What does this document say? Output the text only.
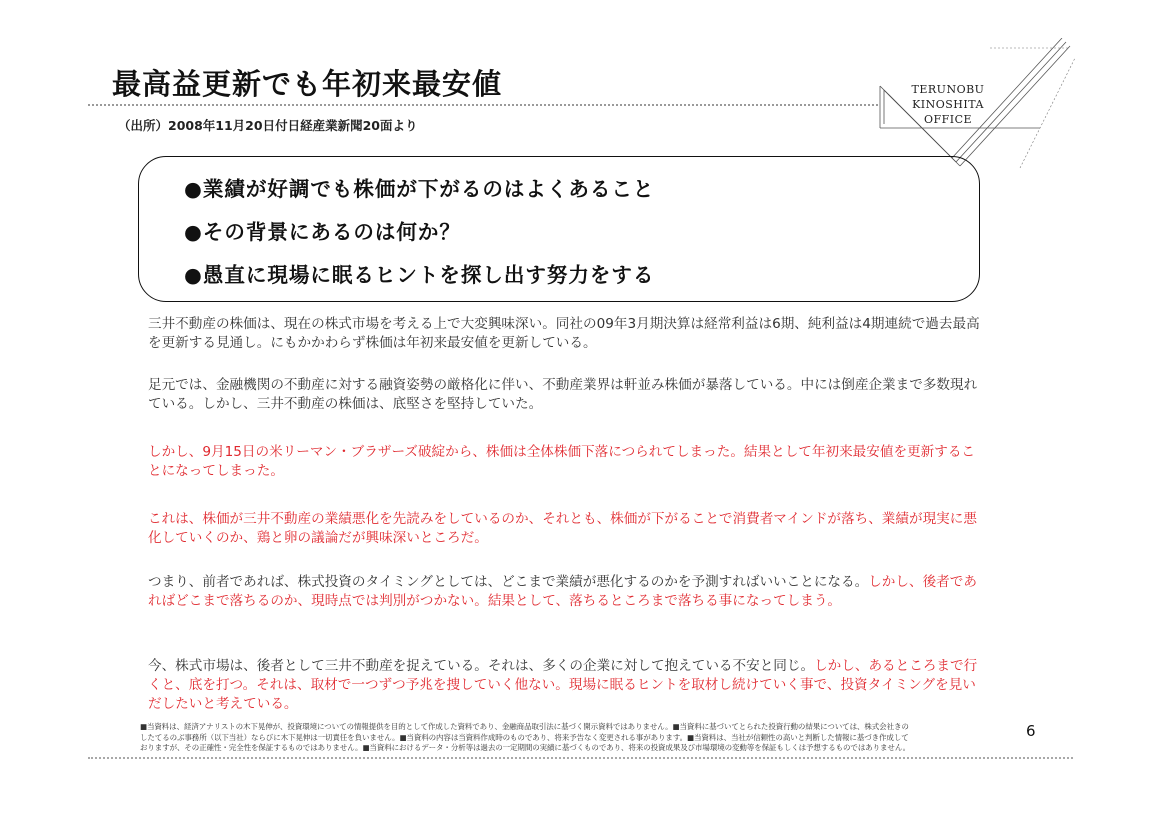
最高益更新でも年初来最安値
（出所）2008年11月20日付日経産業新聞20面より
TERUNOBU
KINOSHITA
OFFICE
●業績が好調でも株価が下がるのはよくあること
●その背景にあるのは何か？
●愚直に現場に眠るヒントを探し出す努力をする
三井不動産の株価は、現在の株式市場を考える上で大変興味深い。同社の09年3月期決算は経常利益は6期、純利益は4期連続で過去最高を更新する見通し。にもかかわらず株価は年初来最安値を更新している。
足元では、金融機関の不動産に対する融資姿勢の厳格化に伴い、不動産業界は軒並み株価が暴落している。中には倒産企業まで多数現れている。しかし、三井不動産の株価は、底堅さを堅持していた。
しかし、9月15日の米リーマン・ブラザーズ破綻から、株価は全体株価下落につられてしまった。結果として年初来最安値を更新することになってしまった。
これは、株価が三井不動産の業績悪化を先読みをしているのか、それとも、株価が下がることで消費者マインドが落ち、業績が現実に悪化していくのか、鶏と卵の議論だが興味深いところだ。
つまり、前者であれば、株式投資のタイミングとしては、どこまで業績が悪化するのかを予測すればいいことになる。しかし、後者であればどこまで落ちるのか、現時点では判別がつかない。結果として、落ちるところまで落ちる事になってしまう。
今、株式市場は、後者として三井不動産を捉えている。それは、多くの企業に対して抱えている不安と同じ。しかし、あるところまで行くと、底を打つ。それは、取材で一つずつ予兆を捜していく他ない。現場に眠るヒントを取材し続けていく事で、投資タイミングを見いだしたいと考えている。
■当資料は、経済アナリストの木下晃伸が、投資環境についての情報提供を目的として作成した資料であり、金融商品取引法に基づく開示資料ではありません。■当資料に基づいてとられた投資行動の結果については、株式会社きの
したてるのぶ事務所（以下当社）ならびに木下晃伸は一切責任を負いません。■当資料の内容は当資料作成時のものであり、将来予告なく変更される事があります。■当資料は、当社が信頼性の高いと判断した情報に基づき作成して
おりますが、その正確性・完全性を保証するものではありません。■当資料におけるデータ・分析等は過去の一定期間の実績に基づくものであり、将来の投資成果及び市場環境の変動等を保証もしくは予想するものではありません。
6
